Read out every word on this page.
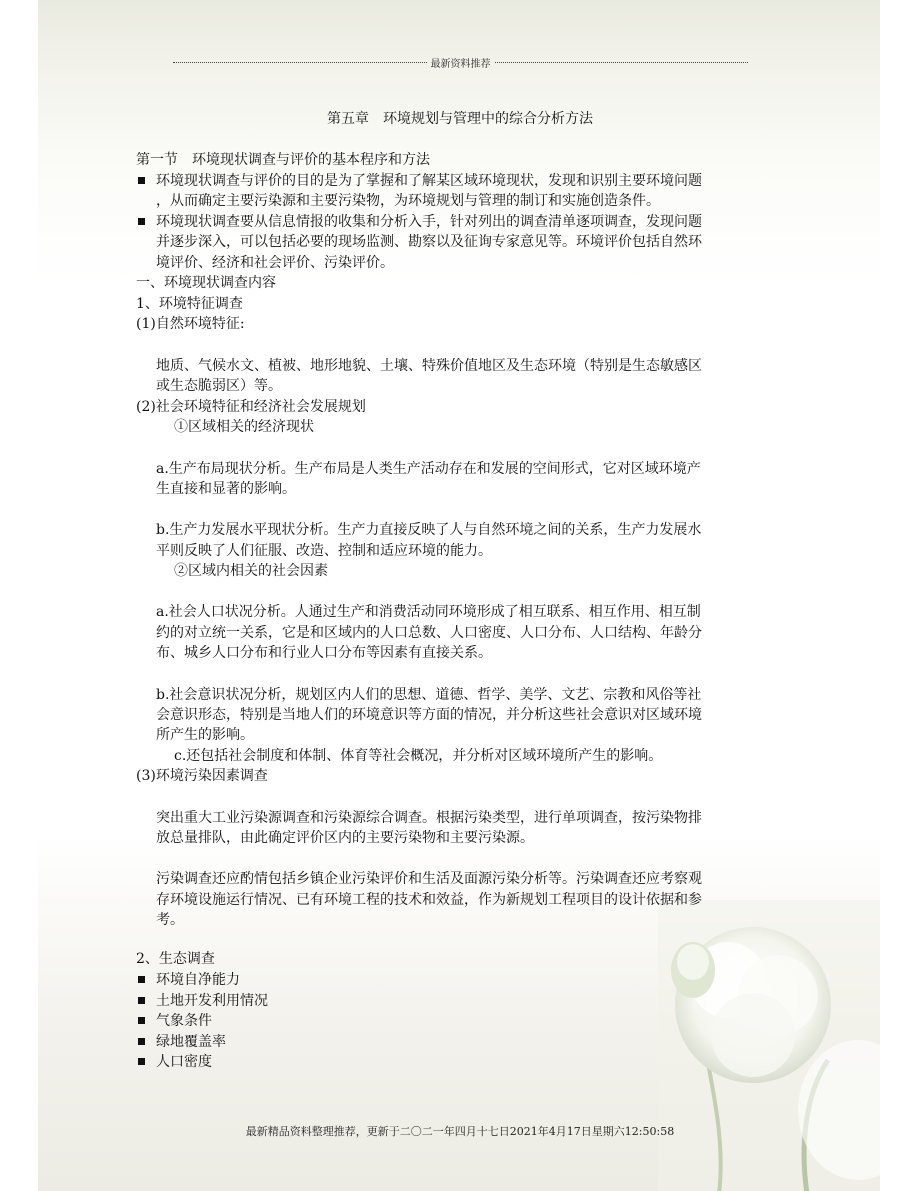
最新资料推荐
第五章　环境规划与管理中的综合分析方法
第一节　环境现状调查与评价的基本程序和方法
环境现状调查与评价的目的是为了掌握和了解某区域环境现状，发现和识别主要环境问题
，从而确定主要污染源和主要污染物，为环境规划与管理的制订和实施创造条件。
环境现状调查要从信息情报的收集和分析入手，针对列出的调查清单逐项调查，发现问题
并逐步深入，可以包括必要的现场监测、勘察以及征询专家意见等。环境评价包括自然环
境评价、经济和社会评价、污染评价。
一、环境现状调查内容
1、环境特征调查
(1)自然环境特征:
地质、气候水文、植被、地形地貌、土壤、特殊价值地区及生态环境（特别是生态敏感区
或生态脆弱区）等。
(2)社会环境特征和经济社会发展规划
①区域相关的经济现状
a.生产布局现状分析。生产布局是人类生产活动存在和发展的空间形式，它对区域环境产
生直接和显著的影响。
b.生产力发展水平现状分析。生产力直接反映了人与自然环境之间的关系，生产力发展水
平则反映了人们征服、改造、控制和适应环境的能力。
②区域内相关的社会因素
a.社会人口状况分析。人通过生产和消费活动同环境形成了相互联系、相互作用、相互制
约的对立统一关系，它是和区域内的人口总数、人口密度、人口分布、人口结构、年龄分
布、城乡人口分布和行业人口分布等因素有直接关系。
b.社会意识状况分析，规划区内人们的思想、道德、哲学、美学、文艺、宗教和风俗等社
会意识形态，特别是当地人们的环境意识等方面的情况，并分析这些社会意识对区域环境
所产生的影响。
c.还包括社会制度和体制、体育等社会概况，并分析对区域环境所产生的影响。
(3)环境污染因素调查
突出重大工业污染源调查和污染源综合调查。根据污染类型，进行单项调查，按污染物排
放总量排队，由此确定评价区内的主要污染物和主要污染源。
污染调查还应酌情包括乡镇企业污染评价和生活及面源污染分析等。污染调查还应考察观
存环境设施运行情况、已有环境工程的技术和效益，作为新规划工程项目的设计依据和参
考。
2、生态调查
环境自净能力
土地开发利用情况
气象条件
绿地覆盖率
人口密度
最新精品资料整理推荐，更新于二〇二一年四月十七日2021年4月17日星期六12:50:58
